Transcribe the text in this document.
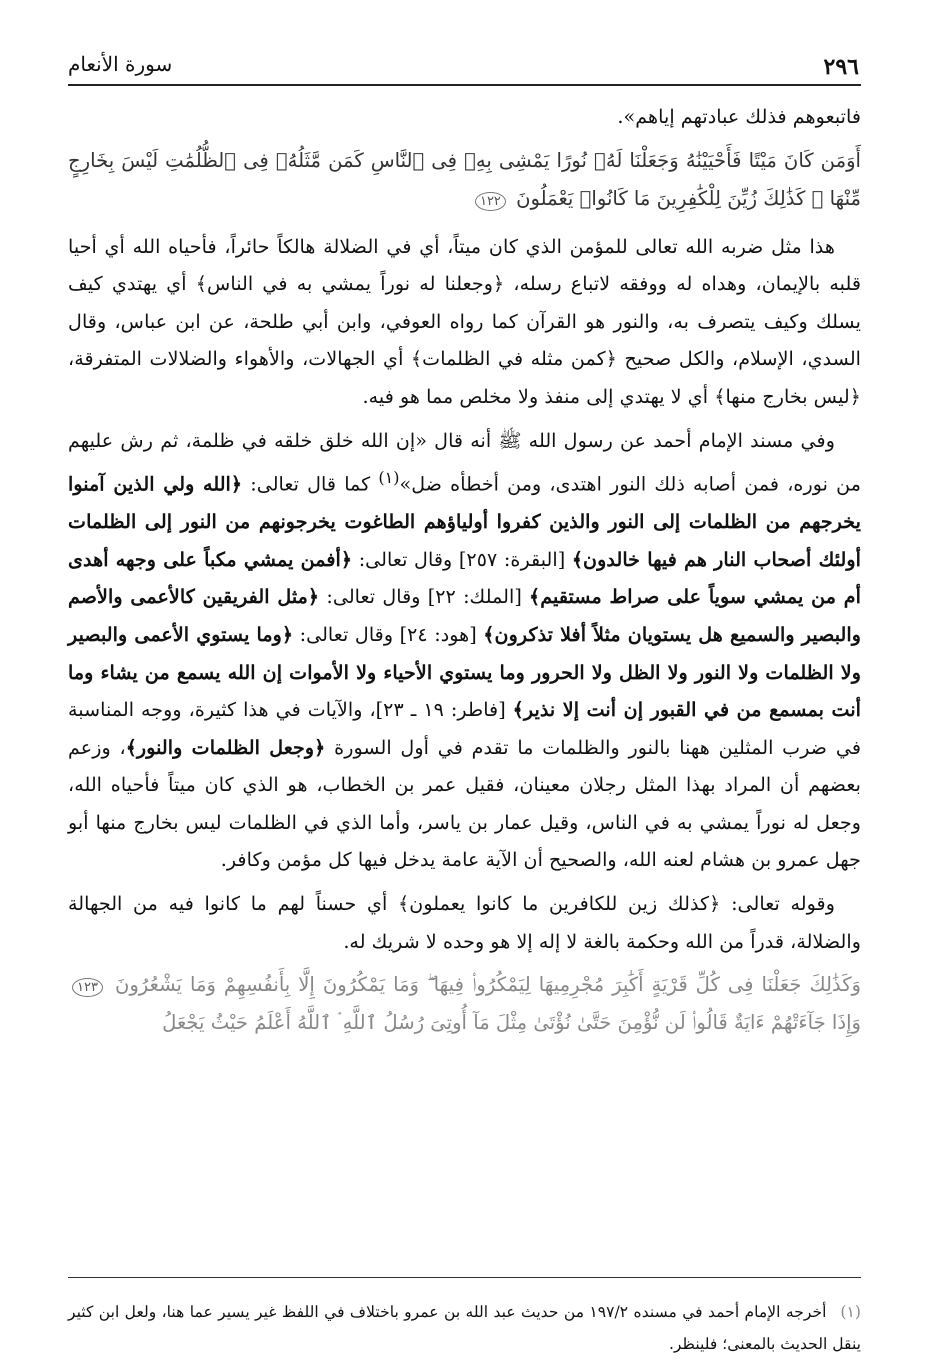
٢٩٦
سورة الأنعام

فاتبعوهم فذلك عبادتهم إياهم».

أَوَمَن كَانَ مَيْتًا فَأَحْيَيْنَٰهُ وَجَعَلْنَا لَهُۥ نُورًا يَمْشِى بِهِۦ فِى ٱلنَّاسِ كَمَن مَّثَلُهُۥ فِى ٱلظُّلُمَٰتِ لَيْسَ بِخَارِجٍ مِّنْهَا ۚ كَذَٰلِكَ زُيِّنَ لِلْكَٰفِرِينَ مَا كَانُوا۟ يَعْمَلُونَ ١٢٢

هذا مثل ضربه الله تعالى للمؤمن الذي كان ميتاً، أي في الضلالة هالكاً حائراً، فأحياه الله أي أحيا قلبه بالإيمان، وهداه له ووفقه لاتباع رسله، ﴿وجعلنا له نوراً يمشي به في الناس﴾ أي يهتدي كيف يسلك وكيف يتصرف به، والنور هو القرآن كما رواه العوفي، وابن أبي طلحة، عن ابن عباس، وقال السدي، الإسلام، والكل صحيح ﴿كمن مثله في الظلمات﴾ أي الجهالات، والأهواء والضلالات المتفرقة، ﴿ليس بخارج منها﴾ أي لا يهتدي إلى منفذ ولا مخلص مما هو فيه.

وفي مسند الإمام أحمد عن رسول الله ﷺ أنه قال «إن الله خلق خلقه في ظلمة، ثم رش عليهم من نوره، فمن أصابه ذلك النور اهتدى، ومن أخطأه ضل»$^{(١)}$ كما قال تعالى: ﴿الله ولي الذين آمنوا يخرجهم من الظلمات إلى النور والذين كفروا أولياؤهم الطاغوت يخرجونهم من النور إلى الظلمات أولئك أصحاب النار هم فيها خالدون﴾ [البقرة: ٢٥٧] وقال تعالى: ﴿أفمن يمشي مكباً على وجهه أهدى أم من يمشي سوياً على صراط مستقيم﴾ [الملك: ٢٢] وقال تعالى: ﴿مثل الفريقين كالأعمى والأصم والبصير والسميع هل يستويان مثلاً أفلا تذكرون﴾ [هود: ٢٤] وقال تعالى: ﴿وما يستوي الأعمى والبصير ولا الظلمات ولا النور ولا الظل ولا الحرور وما يستوي الأحياء ولا الأموات إن الله يسمع من يشاء وما أنت بمسمع من في القبور إن أنت إلا نذير﴾ [فاطر: ١٩ ـ ٢٣]، والآيات في هذا كثيرة، ووجه المناسبة في ضرب المثلين ههنا بالنور والظلمات ما تقدم في أول السورة ﴿وجعل الظلمات والنور﴾، وزعم بعضهم أن المراد بهذا المثل رجلان معينان، فقيل عمر بن الخطاب، هو الذي كان ميتاً فأحياه الله، وجعل له نوراً يمشي به في الناس، وقيل عمار بن ياسر، وأما الذي في الظلمات ليس بخارج منها أبو جهل عمرو بن هشام لعنه الله، والصحيح أن الآية عامة يدخل فيها كل مؤمن وكافر.

وقوله تعالى: ﴿كذلك زين للكافرين ما كانوا يعملون﴾ أي حسناً لهم ما كانوا فيه من الجهالة والضلالة، قدراً من الله وحكمة بالغة لا إله إلا هو وحده لا شريك له.

وَكَذَٰلِكَ جَعَلْنَا فِى كُلِّ قَرْيَةٍ أَكَٰبِرَ مُجْرِمِيهَا لِيَمْكُرُوا۟ فِيهَا ۖ وَمَا يَمْكُرُونَ إِلَّا بِأَنفُسِهِمْ وَمَا يَشْعُرُونَ ١٢٣ وَإِذَا جَآءَتْهُمْ ءَايَةٌ قَالُوا۟ لَن نُّؤْمِنَ حَتَّىٰ نُؤْتَىٰ مِثْلَ مَآ أُوتِىَ رُسُلُ ٱللَّهِ ۘ ٱللَّهُ أَعْلَمُ حَيْثُ يَجْعَلُ

(١)أخرجه الإمام أحمد في مسنده ١٩٧/٢ من حديث عبد الله بن عمرو باختلاف في اللفظ غير يسير عما هنا، ولعل ابن كثير ينقل الحديث بالمعنى؛ فلينظر.
